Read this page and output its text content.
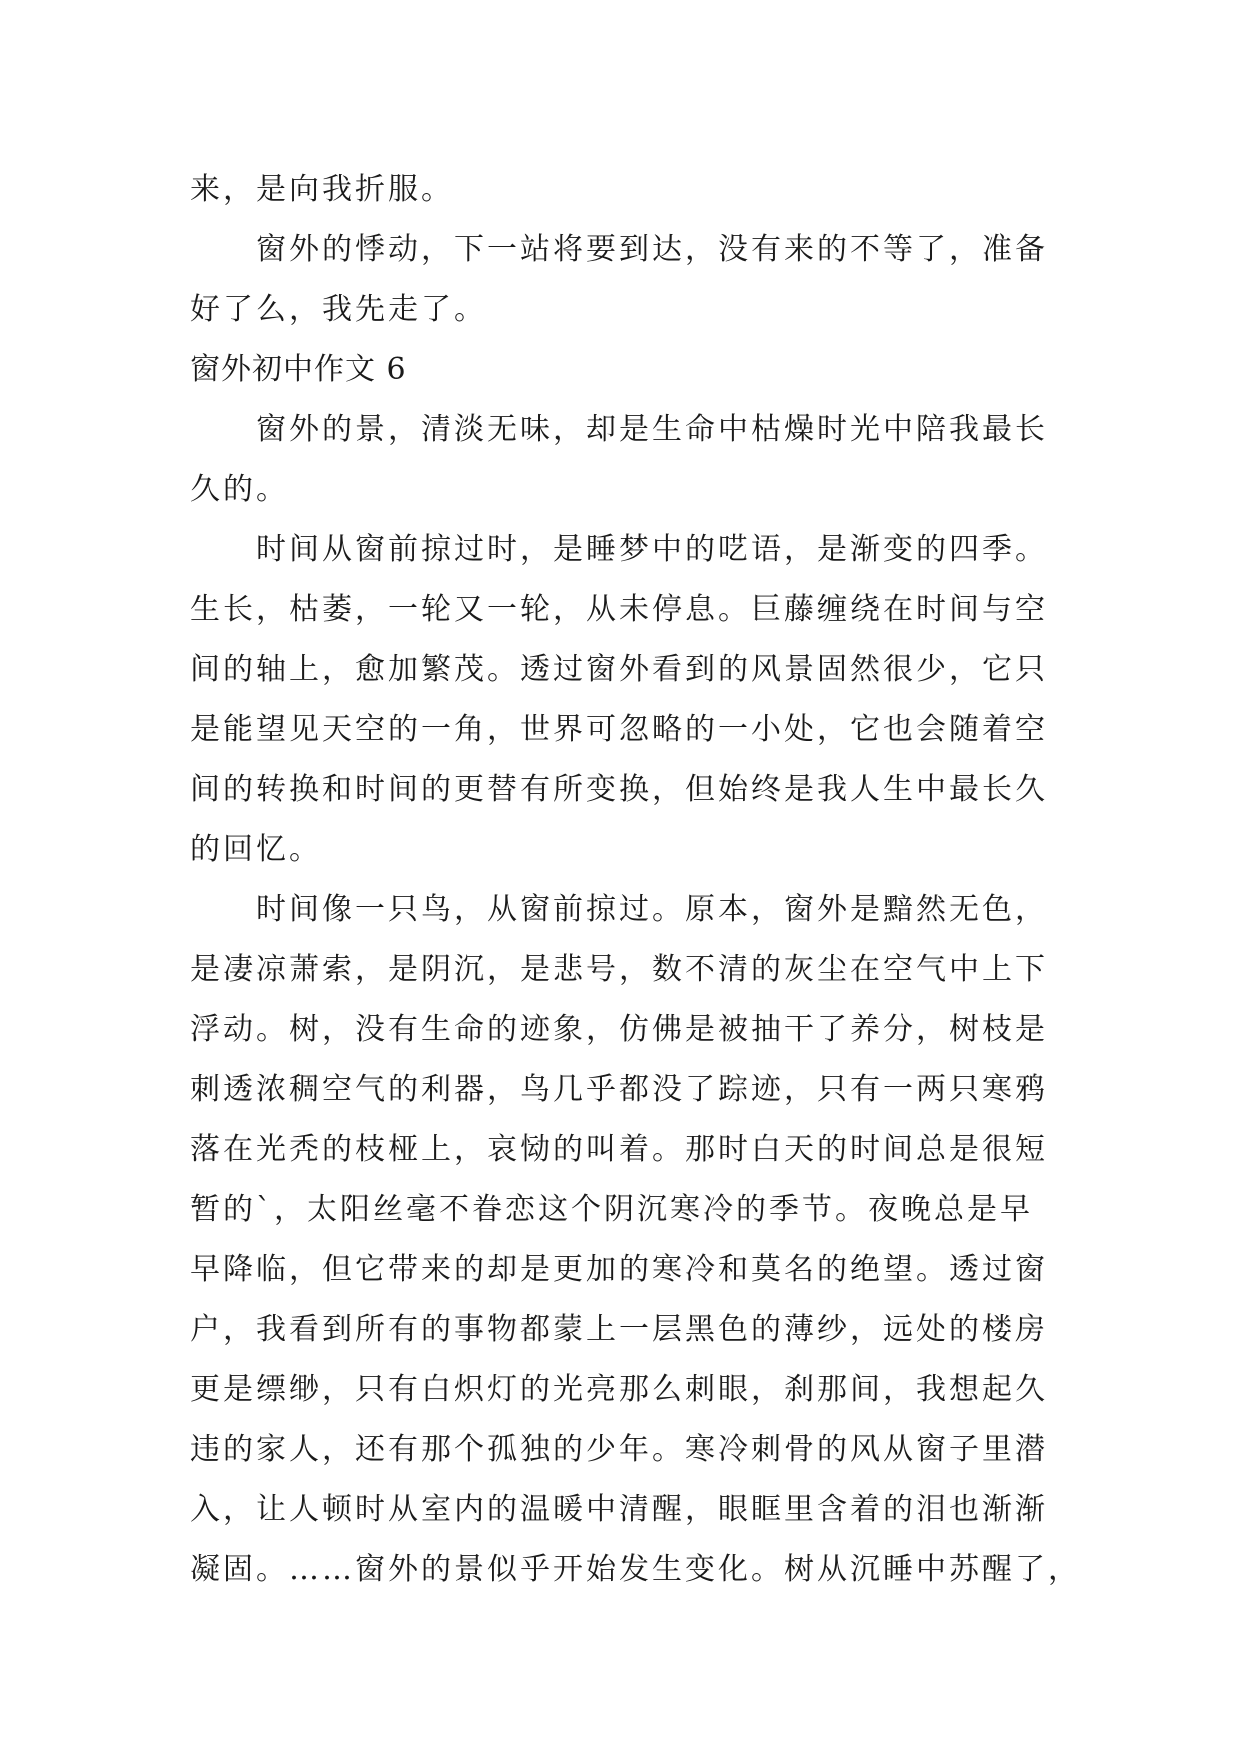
来，是向我折服。
窗外的悸动，下一站将要到达，没有来的不等了，准备
好了么，我先走了。
窗外初中作文 6
窗外的景，清淡无味，却是生命中枯燥时光中陪我最长
久的。
时间从窗前掠过时，是睡梦中的呓语，是渐变的四季。
生长，枯萎，一轮又一轮，从未停息。巨藤缠绕在时间与空
间的轴上，愈加繁茂。透过窗外看到的风景固然很少，它只
是能望见天空的一角，世界可忽略的一小处，它也会随着空
间的转换和时间的更替有所变换，但始终是我人生中最长久
的回忆。
时间像一只鸟，从窗前掠过。原本，窗外是黯然无色，
是凄凉萧索，是阴沉，是悲号，数不清的灰尘在空气中上下
浮动。树，没有生命的迹象，仿佛是被抽干了养分，树枝是
刺透浓稠空气的利器，鸟几乎都没了踪迹，只有一两只寒鸦
落在光秃的枝桠上，哀恸的叫着。那时白天的时间总是很短
暂的`，太阳丝毫不眷恋这个阴沉寒冷的季节。夜晚总是早
早降临，但它带来的却是更加的寒冷和莫名的绝望。透过窗
户，我看到所有的事物都蒙上一层黑色的薄纱，远处的楼房
更是缥缈，只有白炽灯的光亮那么刺眼，刹那间，我想起久
违的家人，还有那个孤独的少年。寒冷刺骨的风从窗子里潜
入，让人顿时从室内的温暖中清醒，眼眶里含着的泪也渐渐
凝固。……窗外的景似乎开始发生变化。树从沉睡中苏醒了，
